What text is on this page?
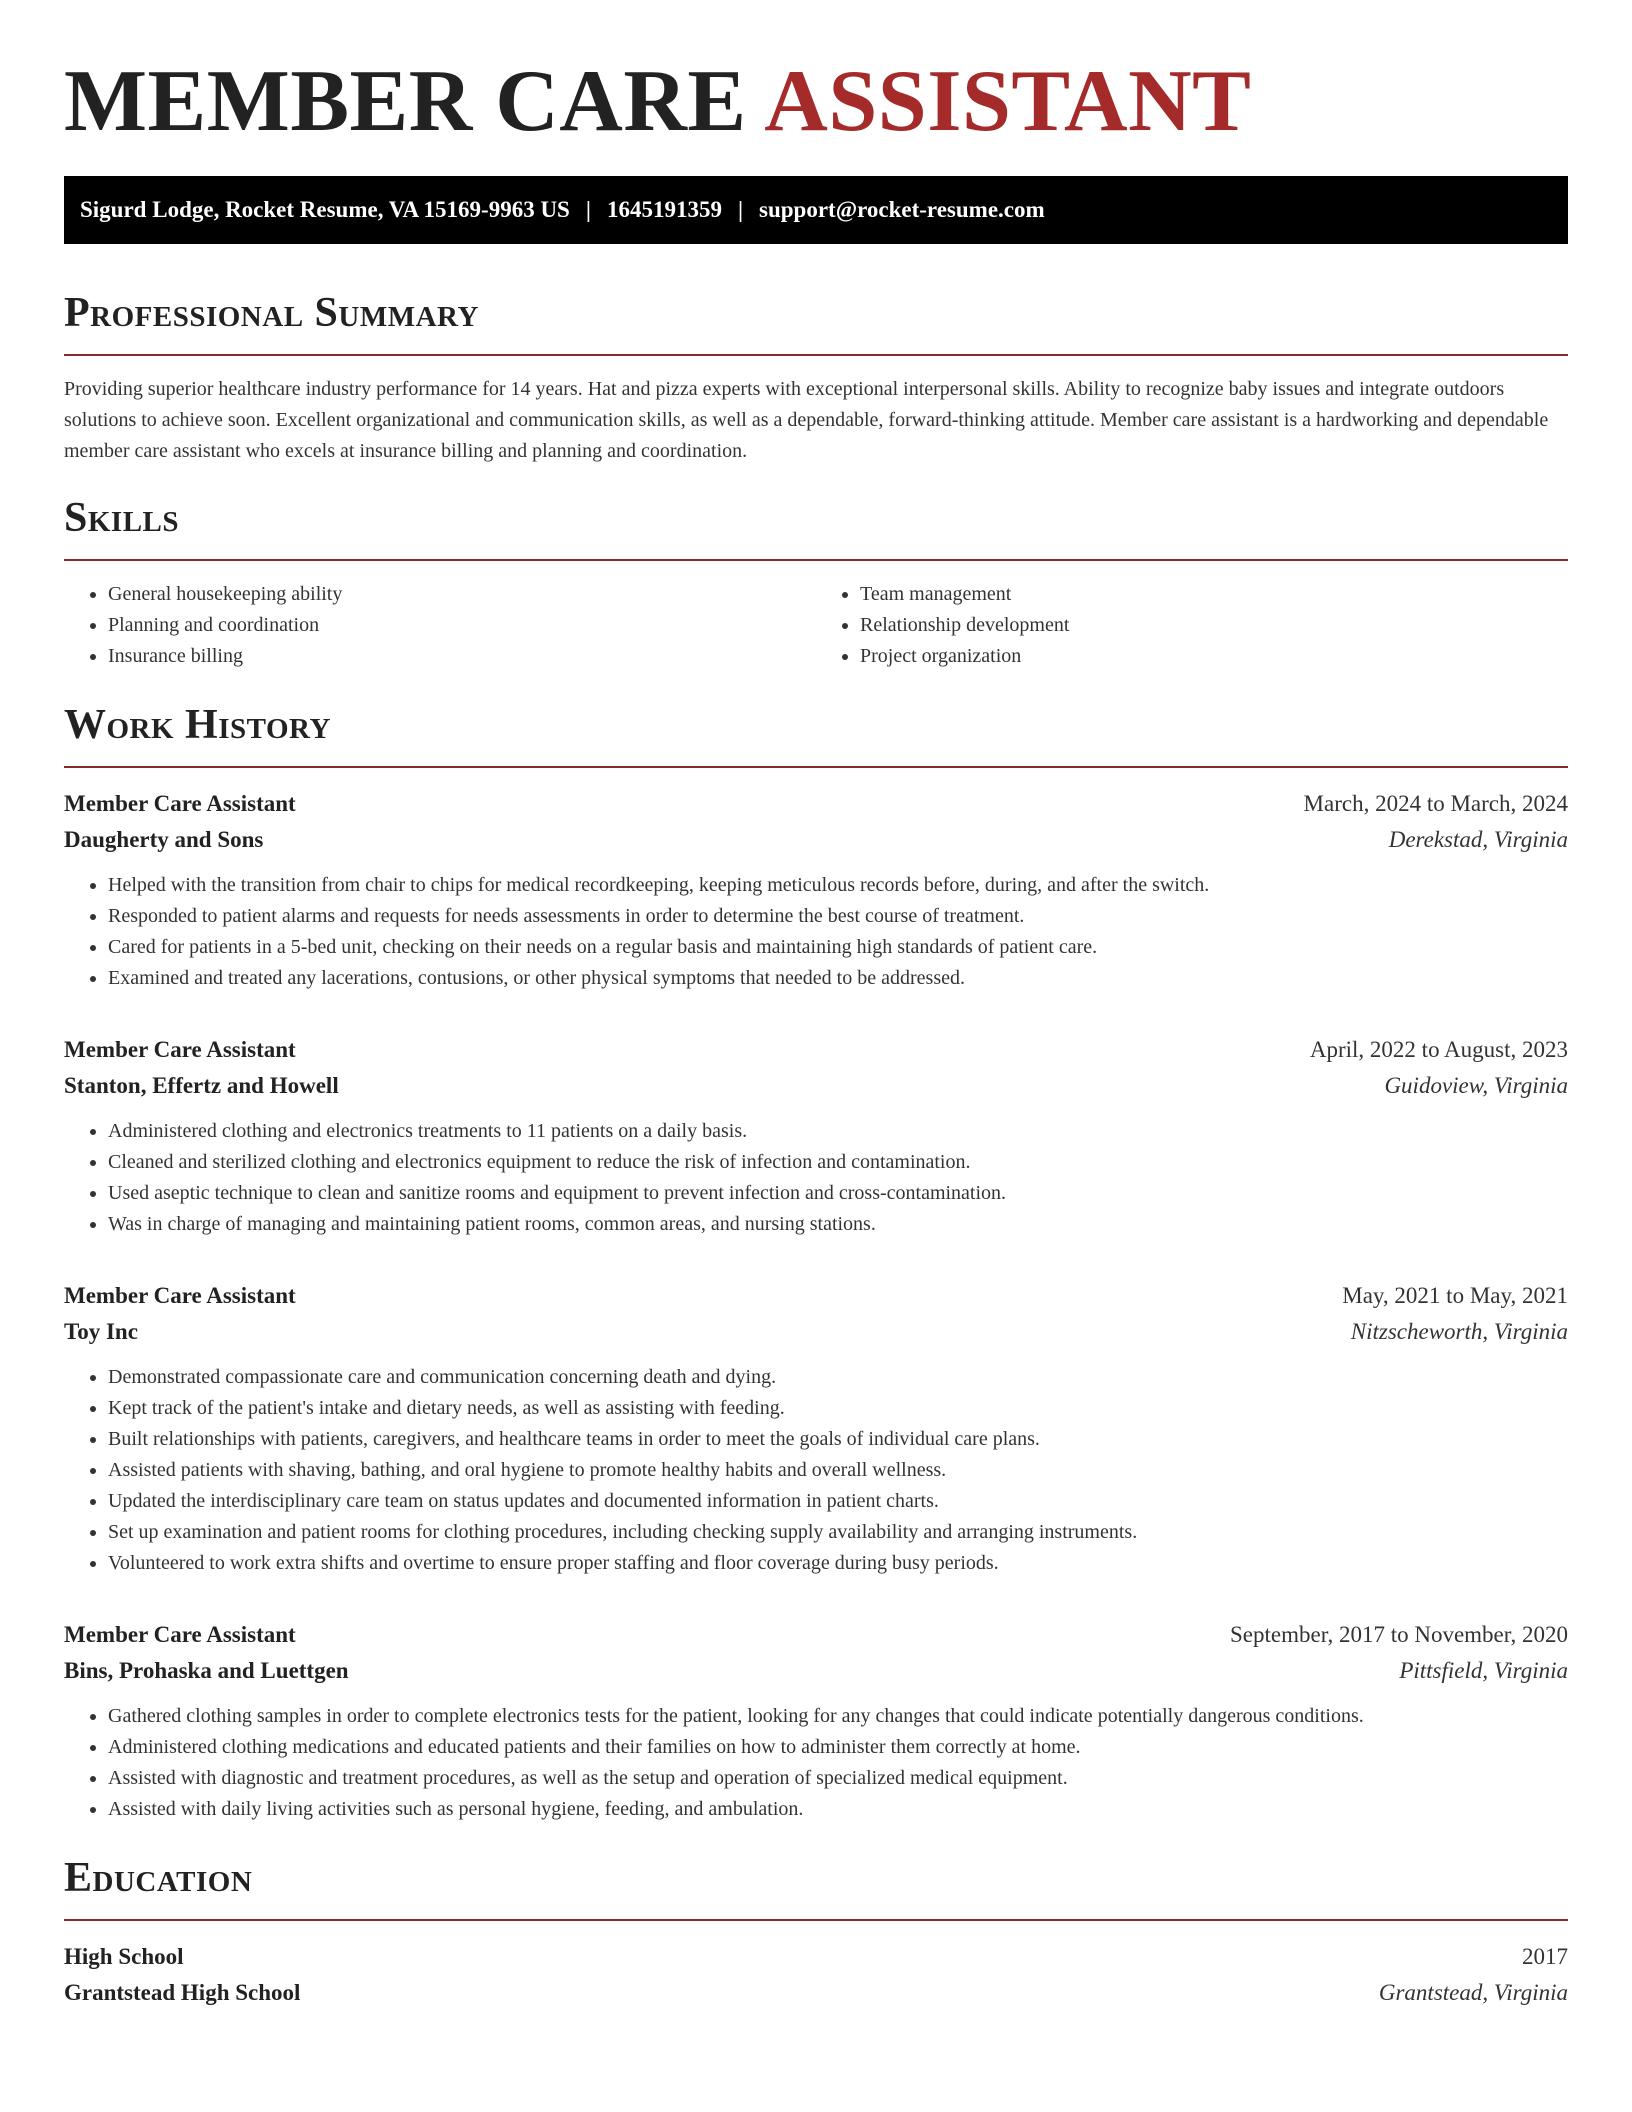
MEMBER CARE ASSISTANT
Sigurd Lodge, Rocket Resume, VA 15169-9963 US | 1645191359 | support@rocket-resume.com
Professional Summary

Providing superior healthcare industry performance for 14 years. Hat and pizza experts with exceptional interpersonal skills. Ability to recognize baby issues and integrate outdoors solutions to achieve soon. Excellent organizational and communication skills, as well as a dependable, forward-thinking attitude. Member care assistant is a hardworking and dependable member care assistant who excels at insurance billing and planning and coordination.

Skills
• General housekeeping ability
• Planning and coordination
• Insurance billing
• Team management
• Relationship development
• Project organization
Work History
Member Care Assistant	March, 2024 to March, 2024
Daugherty and Sons	Derekstad, Virginia
• Helped with the transition from chair to chips for medical recordkeeping, keeping meticulous records before, during, and after the switch.
• Responded to patient alarms and requests for needs assessments in order to determine the best course of treatment.
• Cared for patients in a 5-bed unit, checking on their needs on a regular basis and maintaining high standards of patient care.
• Examined and treated any lacerations, contusions, or other physical symptoms that needed to be addressed.
Member Care Assistant	April, 2022 to August, 2023
Stanton, Effertz and Howell	Guidoview, Virginia
• Administered clothing and electronics treatments to 11 patients on a daily basis.
• Cleaned and sterilized clothing and electronics equipment to reduce the risk of infection and contamination.
• Used aseptic technique to clean and sanitize rooms and equipment to prevent infection and cross-contamination.
• Was in charge of managing and maintaining patient rooms, common areas, and nursing stations.
Member Care Assistant	May, 2021 to May, 2021
Toy Inc	Nitzscheworth, Virginia
• Demonstrated compassionate care and communication concerning death and dying.
• Kept track of the patient's intake and dietary needs, as well as assisting with feeding.
• Built relationships with patients, caregivers, and healthcare teams in order to meet the goals of individual care plans.
• Assisted patients with shaving, bathing, and oral hygiene to promote healthy habits and overall wellness.
• Updated the interdisciplinary care team on status updates and documented information in patient charts.
• Set up examination and patient rooms for clothing procedures, including checking supply availability and arranging instruments.
• Volunteered to work extra shifts and overtime to ensure proper staffing and floor coverage during busy periods.
Member Care Assistant	September, 2017 to November, 2020
Bins, Prohaska and Luettgen	Pittsfield, Virginia
• Gathered clothing samples in order to complete electronics tests for the patient, looking for any changes that could indicate potentially dangerous conditions.
• Administered clothing medications and educated patients and their families on how to administer them correctly at home.
• Assisted with diagnostic and treatment procedures, as well as the setup and operation of specialized medical equipment.
• Assisted with daily living activities such as personal hygiene, feeding, and ambulation.
Education
High School	2017
Grantstead High School	Grantstead, Virginia
